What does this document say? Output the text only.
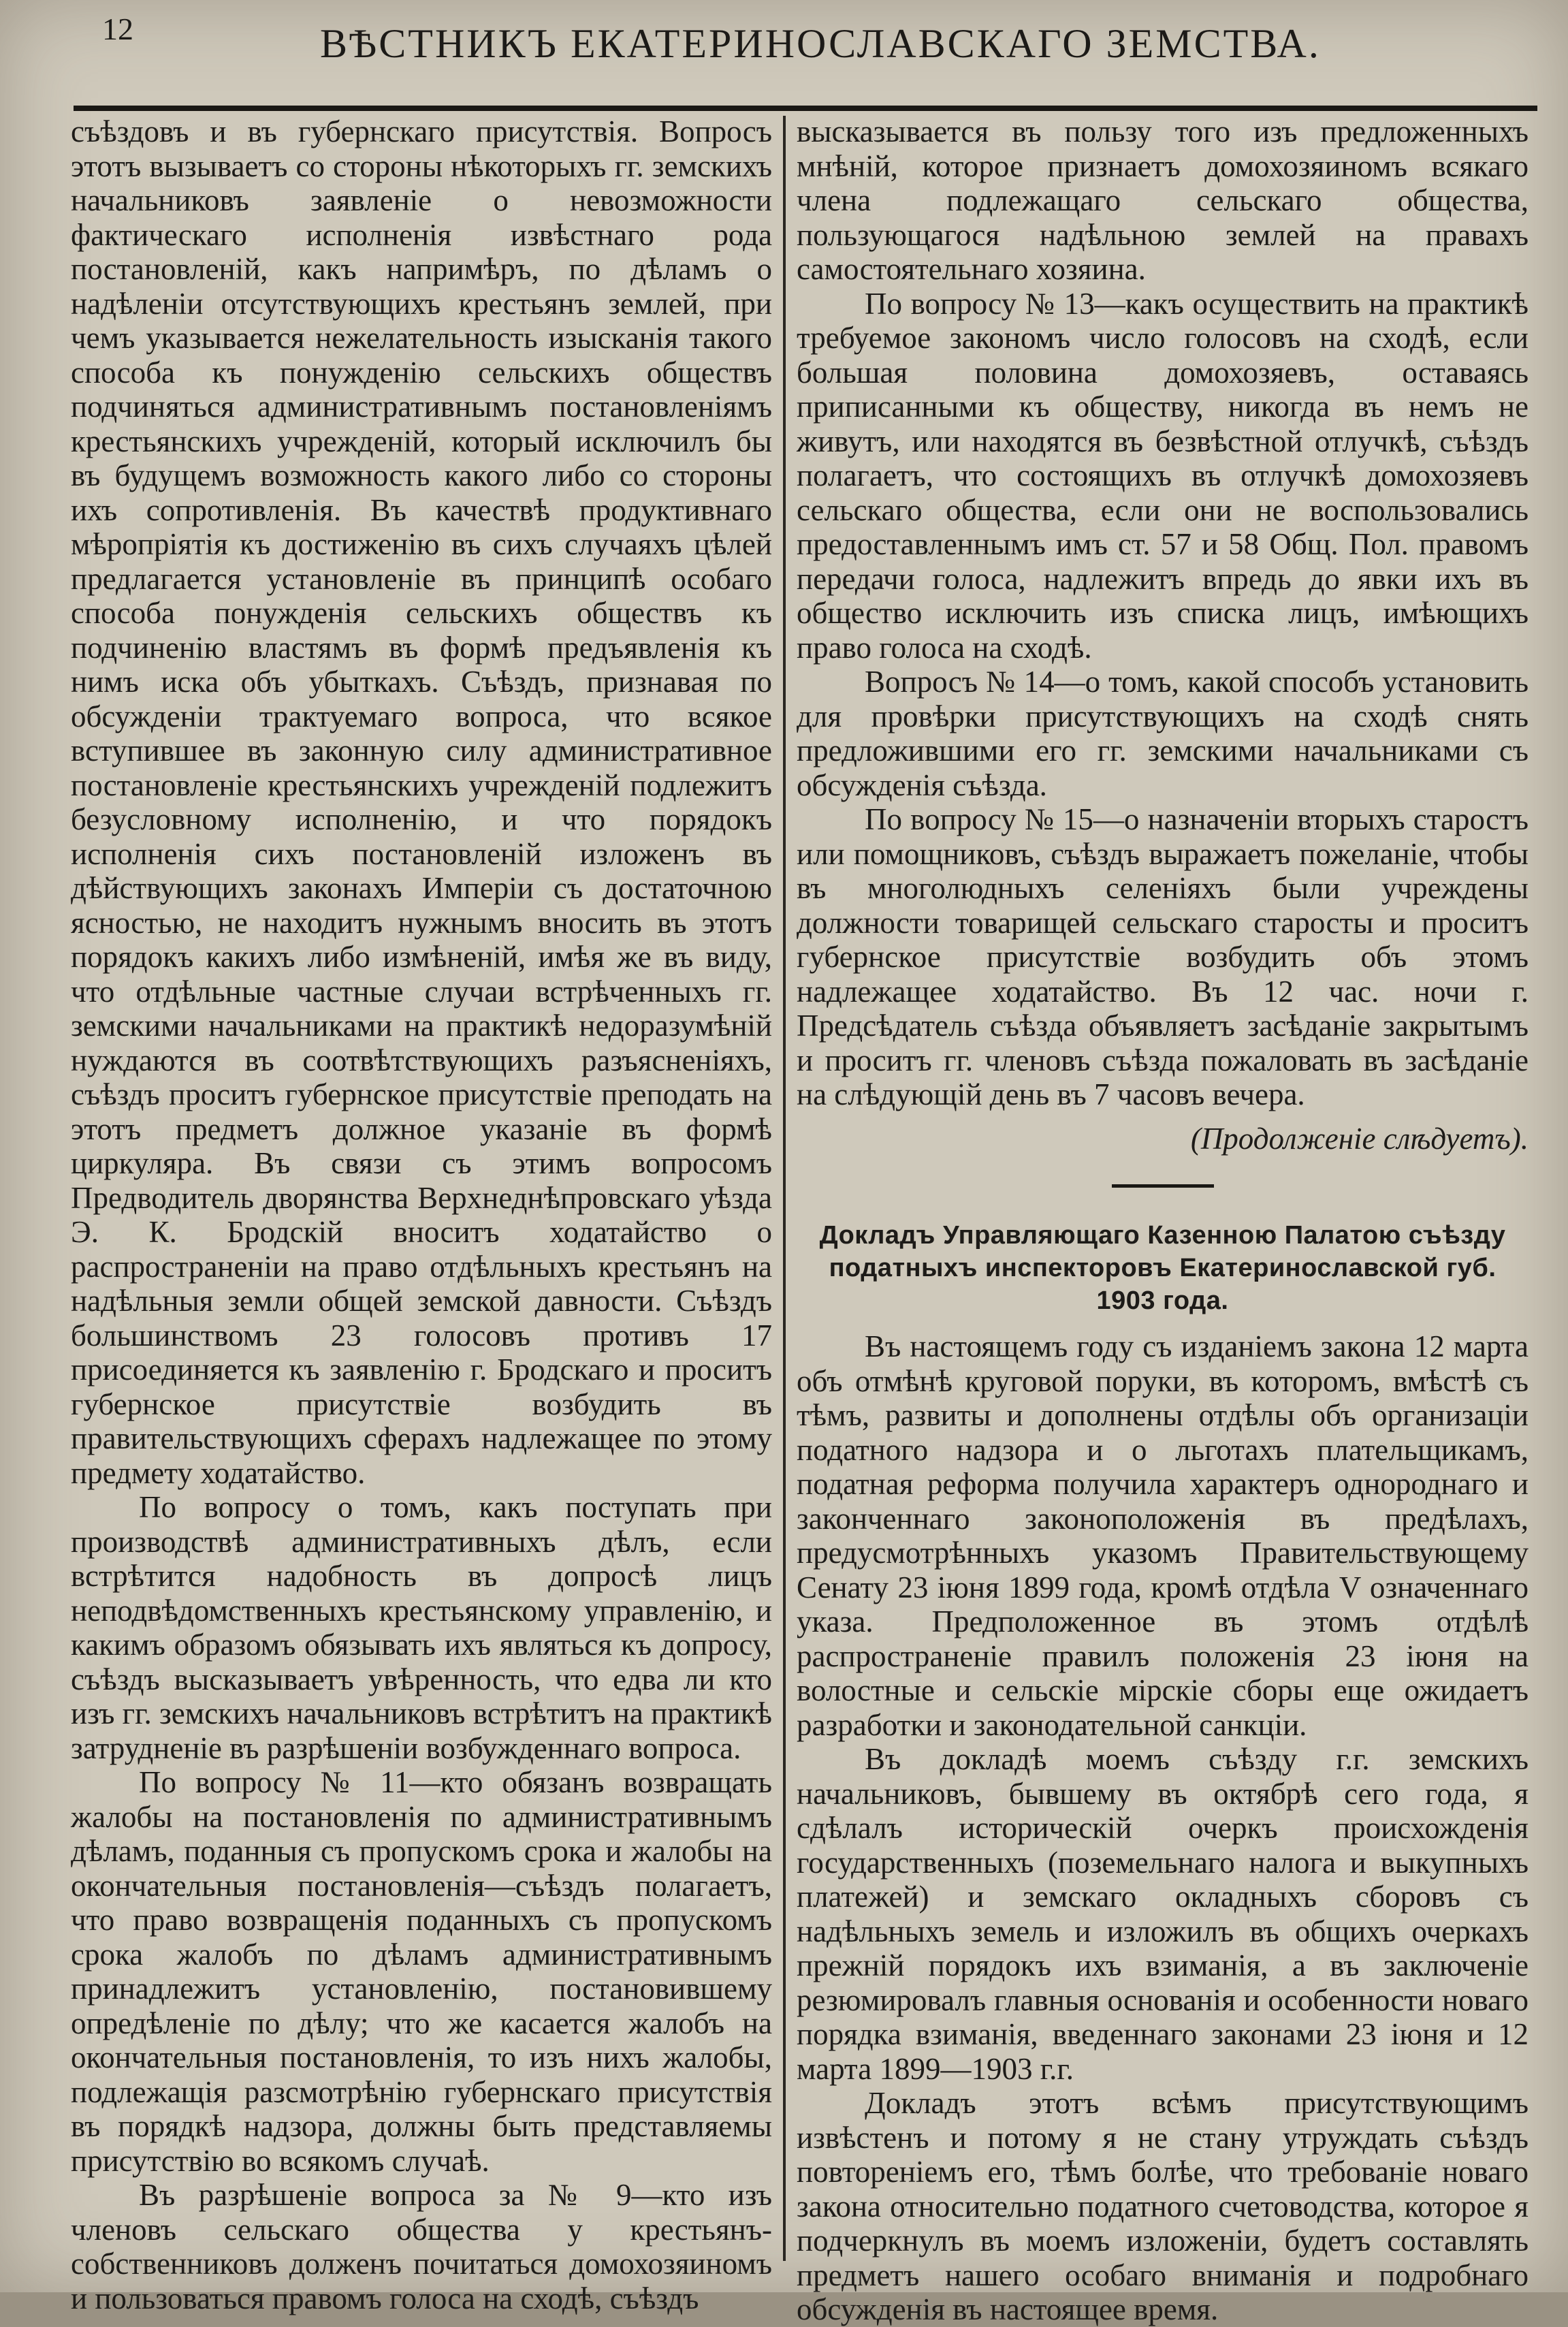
12	ВѢСТНИКЪ ЕКАТЕРИНОСЛАВСКАГО ЗЕМСТВА.

съѣздовъ и въ губернскаго присутствія. Вопросъ этотъ вызываетъ со стороны нѣкоторыхъ гг. земскихъ начальниковъ заявленіе о невозможности фактическаго исполненія извѣстнаго рода постановленій, какъ напримѣръ, по дѣламъ о надѣленіи отсутствующихъ крестьянъ землей, при чемъ указывается нежелательность изысканія такого способа къ понужденію сельскихъ обществъ подчиняться административнымъ постановленіямъ крестьянскихъ учрежденій, который исключилъ бы въ будущемъ возможность какого либо со стороны ихъ сопротивленія. Въ качествѣ продуктивнаго мѣропріятія къ достиженію въ сихъ случаяхъ цѣлей предлагается установленіе въ принципѣ особаго способа понужденія сельскихъ обществъ къ подчиненію властямъ въ формѣ предъявленія къ нимъ иска объ убыткахъ. Съѣздъ, признавая по обсужденіи трактуемаго вопроса, что всякое вступившее въ законную силу административное постановленіе крестьянскихъ учрежденій подлежитъ безусловному исполненію, и что порядокъ исполненія сихъ постановленій изложенъ въ дѣйствующихъ законахъ Имперіи съ достаточною ясностью, не находитъ нужнымъ вносить въ этотъ порядокъ какихъ либо измѣненій, имѣя же въ виду, что отдѣльные частные случаи встрѣченныхъ гг. земскими начальниками на практикѣ недоразумѣній нуждаются въ соотвѣтствующихъ разъясненіяхъ, съѣздъ проситъ губернское присутствіе преподать на этотъ предметъ должное указаніе въ формѣ циркуляра. Въ связи съ этимъ вопросомъ Предводитель дворянства Верхнеднѣпровскаго уѣзда Э. К. Бродскій вноситъ ходатайство о распространеніи на право отдѣльныхъ крестьянъ на надѣльныя земли общей земской давности. Съѣздъ большинствомъ 23 голосовъ противъ 17 присоединяется къ заявленію г. Бродскаго и проситъ губернское присутствіе возбудить въ правительствующихъ сферахъ надлежащее по этому предмету ходатайство.

По вопросу о томъ, какъ поступать при производствѣ административныхъ дѣлъ, если встрѣтится надобность въ допросѣ лицъ неподвѣдомственныхъ крестьянскому управленію, и какимъ образомъ обязывать ихъ являться къ допросу, съѣздъ высказываетъ увѣренность, что едва ли кто изъ гг. земскихъ начальниковъ встрѣтитъ на практикѣ затрудненіе въ разрѣшеніи возбужденнаго вопроса.

По вопросу № 11—кто обязанъ возвращать жалобы на постановленія по административнымъ дѣламъ, поданныя съ пропускомъ срока и жалобы на окончательныя постановленія—съѣздъ полагаетъ, что право возвращенія поданныхъ съ пропускомъ срока жалобъ по дѣламъ административнымъ принадлежитъ установленію, постановившему опредѣленіе по дѣлу; что же касается жалобъ на окончательныя постановленія, то изъ нихъ жалобы, подлежащія разсмотрѣнію губернскаго присутствія въ порядкѣ надзора, должны быть представляемы присутствію во всякомъ случаѣ.

Въ разрѣшеніе вопроса за № 9—кто изъ членовъ сельскаго общества у крестьянъ-собственниковъ долженъ почитаться домохозяиномъ и пользоваться правомъ голоса на сходѣ, съѣздъ

высказывается въ пользу того изъ предложенныхъ мнѣній, которое признаетъ домохозяиномъ всякаго члена подлежащаго сельскаго общества, пользующагося надѣльною землей на правахъ самостоятельнаго хозяина.

По вопросу № 13—какъ осуществить на практикѣ требуемое закономъ число голосовъ на сходѣ, если большая половина домохозяевъ, оставаясь приписанными къ обществу, никогда въ немъ не живутъ, или находятся въ безвѣстной отлучкѣ, съѣздъ полагаетъ, что состоящихъ въ отлучкѣ домохозяевъ сельскаго общества, если они не воспользовались предоставленнымъ имъ ст. 57 и 58 Общ. Пол. правомъ передачи голоса, надлежитъ впредь до явки ихъ въ общество исключить изъ списка лицъ, имѣющихъ право голоса на сходѣ.

Вопросъ № 14—о томъ, какой способъ установить для провѣрки присутствующихъ на сходѣ снять предложившими его гг. земскими начальниками съ обсужденія съѣзда.

По вопросу № 15—о назначеніи вторыхъ старостъ или помощниковъ, съѣздъ выражаетъ пожеланіе, чтобы въ многолюдныхъ селеніяхъ были учреждены должности товарищей сельскаго старосты и проситъ губернское присутствіе возбудить объ этомъ надлежащее ходатайство. Въ 12 час. ночи г. Предсѣдатель съѣзда объявляетъ засѣданіе закрытымъ и проситъ гг. членовъ съѣзда пожаловать въ засѣданіе на слѣдующій день въ 7 часовъ вечера.

(Продолженіе слѣдуетъ).

Докладъ Управляющаго Казенною Палатою съѣзду податныхъ инспекторовъ Екатеринославской губ. 1903 года.

Въ настоящемъ году съ изданіемъ закона 12 марта объ отмѣнѣ круговой поруки, въ которомъ, вмѣстѣ съ тѣмъ, развиты и дополнены отдѣлы объ организаціи податного надзора и о льготахъ плательщикамъ, податная реформа получила характеръ однороднаго и законченнаго законоположенія въ предѣлахъ, предусмотрѣнныхъ указомъ Правительствующему Сенату 23 іюня 1899 года, кромѣ отдѣла V означеннаго указа. Предположенное въ этомъ отдѣлѣ распространеніе правилъ положенія 23 іюня на волостные и сельскіе мірскіе сборы еще ожидаетъ разработки и законодательной санкціи.

Въ докладѣ моемъ съѣзду г.г. земскихъ начальниковъ, бывшему въ октябрѣ сего года, я сдѣлалъ историческій очеркъ происхожденія государственныхъ (поземельнаго налога и выкупныхъ платежей) и земскаго окладныхъ сборовъ съ надѣльныхъ земель и изложилъ въ общихъ очеркахъ прежній порядокъ ихъ взиманія, а въ заключеніе резюмировалъ главныя основанія и особенности новаго порядка взиманія, введеннаго законами 23 іюня и 12 марта 1899—1903 г.г.

Докладъ этотъ всѣмъ присутствующимъ извѣстенъ и потому я не стану утруждать съѣздъ повтореніемъ его, тѣмъ болѣе, что требованіе новаго закона относительно податного счетоводства, которое я подчеркнулъ въ моемъ изложеніи, будетъ составлять предметъ нашего особаго вниманія и подробнаго обсужденія въ настоящее время.
